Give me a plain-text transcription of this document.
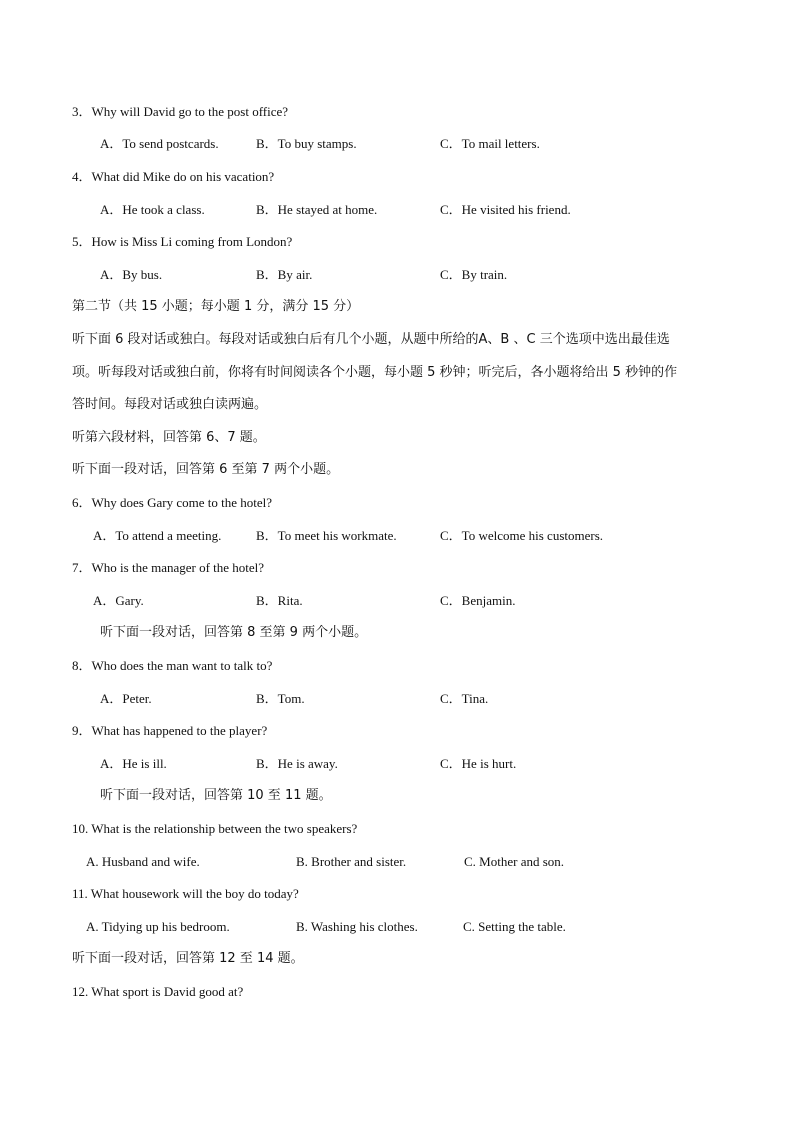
3．Why will David go to the post office?
A．To send postcards.	B．To buy stamps.	C．To mail letters.
4．What did Mike do on his vacation?
A．He took a class.	B．He stayed at home.	C．He visited his friend.
5．How is Miss Li coming from London?
A．By bus.	B．By air.	C．By train.
第二节（共 15 小题；每小题 1 分，满分 15 分）
听下面 6 段对话或独白。每段对话或独白后有几个小题，从题中所给的A、B 、C 三个选项中选出最佳选
项。听每段对话或独白前，你将有时间阅读各个小题，每小题 5 秒钟；听完后，各小题将给出 5 秒钟的作
答时间。每段对话或独白读两遍。
听第六段材料，回答第 6、7 题。
听下面一段对话，回答第 6 至第 7 两个小题。
6．Why does Gary come to the hotel?
A．To attend a meeting.	B．To meet his workmate.	C．To welcome his customers.
7．Who is the manager of the hotel?
A．Gary.	B．Rita.	C．Benjamin.
听下面一段对话，回答第 8 至第 9 两个小题。
8．Who does the man want to talk to?
A．Peter.	B．Tom.	C．Tina.
9．What has happened to the player?
A．He is ill.	B．He is away.	C．He is hurt.
听下面一段对话，回答第 10 至 11 题。
10. What is the relationship between the two speakers?
A. Husband and wife.	B. Brother and sister.	C. Mother and son.
11. What housework will the boy do today?
A. Tidying up his bedroom.	B. Washing his clothes.	C. Setting the table.
听下面一段对话，回答第 12 至 14 题。
12. What sport is David good at?
